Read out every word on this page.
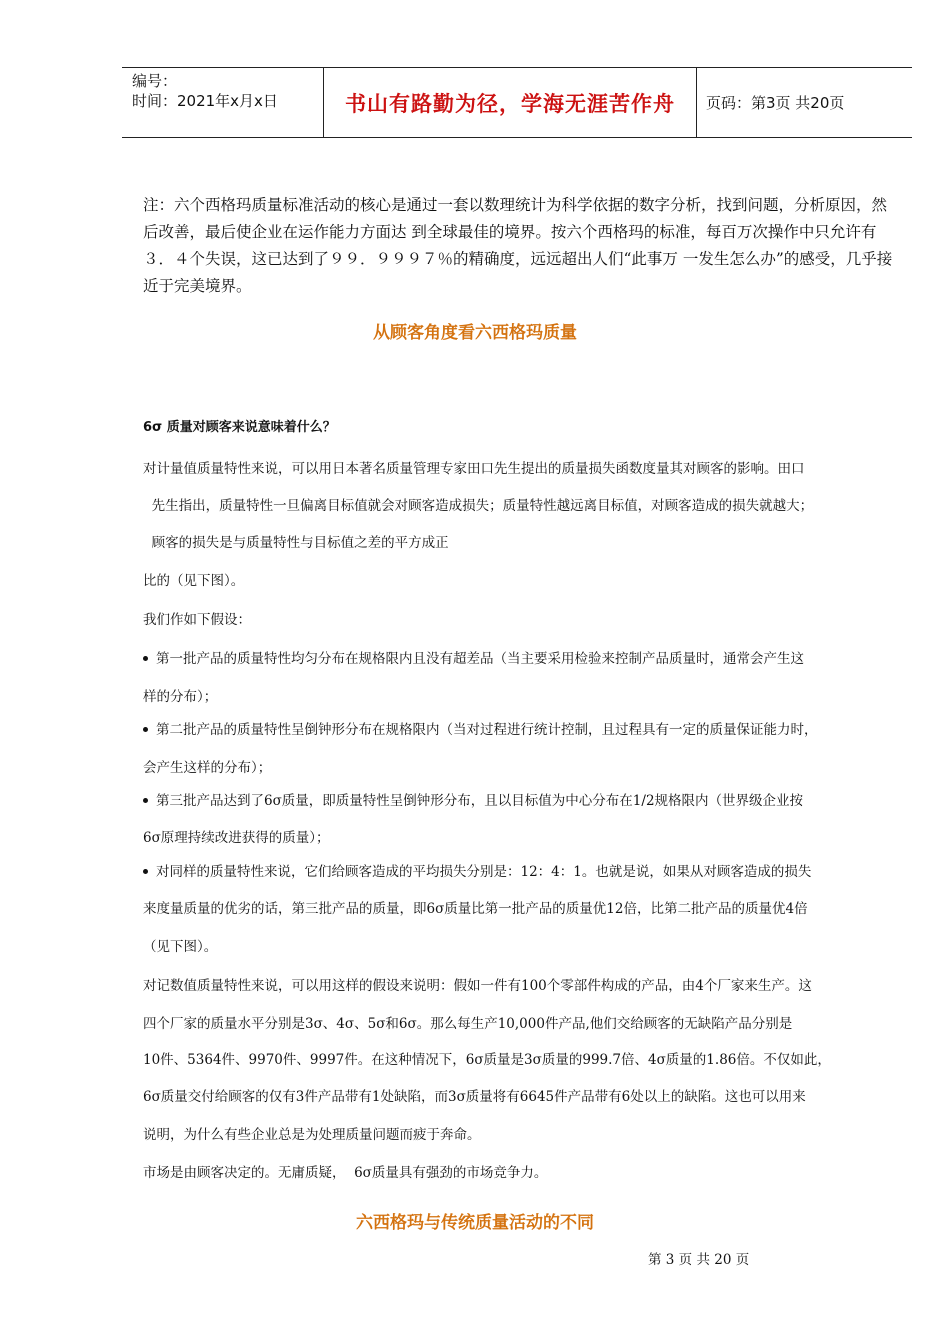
编号：
时间：2021年x月x日	书山有路勤为径，学海无涯苦作舟	页码：第3页 共20页

注：六个西格玛质量标准活动的核心是通过一套以数理统计为科学依据的数字分析，找到问题，分析原因，然后改善，最后使企业在运作能力方面达 到全球最佳的境界。按六个西格玛的标准，每百万次操作中只允许有３．４个失误，这已达到了９９．９９９７％的精确度，远远超出人们“此事万 一发生怎么办”的感受，几乎接近于完美境界。

从顾客角度看六西格玛质量

6σ 质量对顾客来说意味着什么？

对计量值质量特性来说，可以用日本著名质量管理专家田口先生提出的质量损失函数度量其对顾客的影响。田口

先生指出，质量特性一旦偏离目标值就会对顾客造成损失；质量特性越远离目标值，对顾客造成的损失就越大；

顾客的损失是与质量特性与目标值之差的平方成正

比的（见下图）。

我们作如下假设：

第一批产品的质量特性均匀分布在规格限内且没有超差品（当主要采用检验来控制产品质量时，通常会产生这

样的分布）；

第二批产品的质量特性呈倒钟形分布在规格限内（当对过程进行统计控制，且过程具有一定的质量保证能力时，

会产生这样的分布）；

第三批产品达到了6σ质量，即质量特性呈倒钟形分布，且以目标值为中心分布在1/2规格限内（世界级企业按

6σ原理持续改进获得的质量）；

对同样的质量特性来说，它们给顾客造成的平均损失分别是：12：4：1。也就是说，如果从对顾客造成的损失

来度量质量的优劣的话，第三批产品的质量，即6σ质量比第一批产品的质量优12倍，比第二批产品的质量优4倍

（见下图）。

对记数值质量特性来说，可以用这样的假设来说明：假如一件有100个零部件构成的产品，由4个厂家来生产。这

四个厂家的质量水平分别是3σ、4σ、5σ和6σ。那么每生产10,000件产品,他们交给顾客的无缺陷产品分别是

10件、5364件、9970件、9997件。在这种情况下，6σ质量是3σ质量的999.7倍、4σ质量的1.86倍。不仅如此，

6σ质量交付给顾客的仅有3件产品带有1处缺陷，而3σ质量将有6645件产品带有6处以上的缺陷。这也可以用来

说明，为什么有些企业总是为处理质量问题而疲于奔命。

市场是由顾客决定的。无庸质疑，  6σ质量具有强劲的市场竞争力。

六西格玛与传统质量活动的不同

第 3 页 共 20 页
